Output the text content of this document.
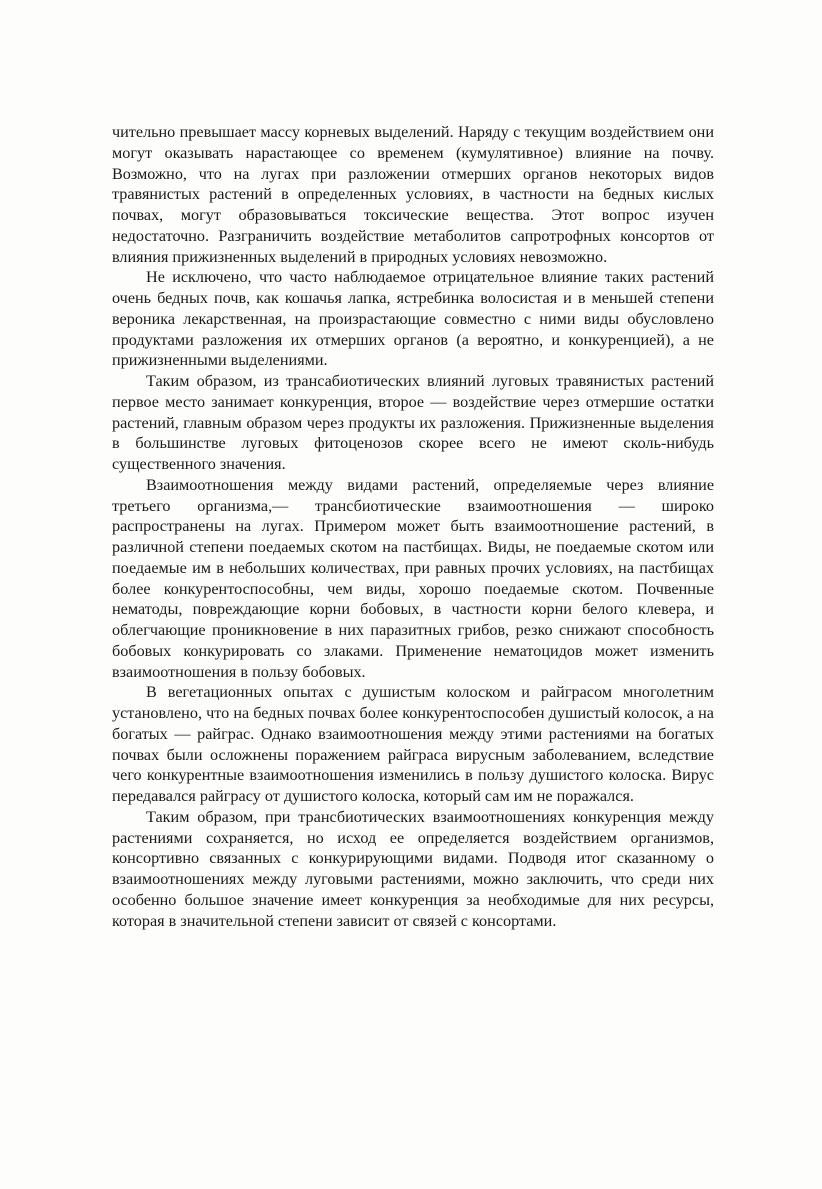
чительно превышает массу корневых выделений. Наряду с текущим воздействием они могут оказывать нарастающее со временем (кумулятивное) влияние на почву. Возможно, что на лугах при разложении отмерших органов некоторых видов травянистых растений в определенных условиях, в частности на бедных кислых почвах, могут образовываться токсические вещества. Этот вопрос изучен недостаточно. Разграничить воздействие метаболитов сапротрофных консортов от влияния прижизненных выделений в природных условиях невозможно.

Не исключено, что часто наблюдаемое отрицательное влияние таких растений очень бедных почв, как кошачья лапка, ястребинка волосистая и в меньшей степени вероника лекарственная, на произрастающие совместно с ними виды обусловлено продуктами разложения их отмерших органов (а вероятно, и конкуренцией), а не прижизненными выделениями.

Таким образом, из трансабиотических влияний луговых травянистых растений первое место занимает конкуренция, второе — воздействие через отмершие остатки растений, главным образом через продукты их разложения. Прижизненные выделения в большинстве луговых фитоценозов скорее всего не имеют сколь-нибудь существенного значения.

Взаимоотношения между видами растений, определяемые через влияние третьего организма,— трансбиотические взаимоотношения — широко распространены на лугах. Примером может быть взаимоотношение растений, в различной степени поедаемых скотом на пастбищах. Виды, не поедаемые скотом или поедаемые им в небольших количествах, при равных прочих условиях, на пастбищах более конкурентоспособны, чем виды, хорошо поедаемые скотом. Почвенные нематоды, повреждающие корни бобовых, в частности корни белого клевера, и облегчающие проникновение в них паразитных грибов, резко снижают способность бобовых конкурировать со злаками. Применение нематоцидов может изменить взаимоотношения в пользу бобовых.

В вегетационных опытах с душистым колоском и райграсом многолетним установлено, что на бедных почвах более конкурентоспособен душистый колосок, а на богатых — райграс. Однако взаимоотношения между этими растениями на богатых почвах были осложнены поражением райграса вирусным заболеванием, вследствие чего конкурентные взаимоотношения изменились в пользу душистого колоска. Вирус передавался райграсу от душистого колоска, который сам им не поражался.

Таким образом, при трансбиотических взаимоотношениях конкуренция между растениями сохраняется, но исход ее определяется воздействием организмов, консортивно связанных с конкурирующими видами. Подводя итог сказанному о взаимоотношениях между луговыми растениями, можно заключить, что среди них особенно большое значение имеет конкуренция за необходимые для них ресурсы, которая в значительной степени зависит от связей с консортами.
